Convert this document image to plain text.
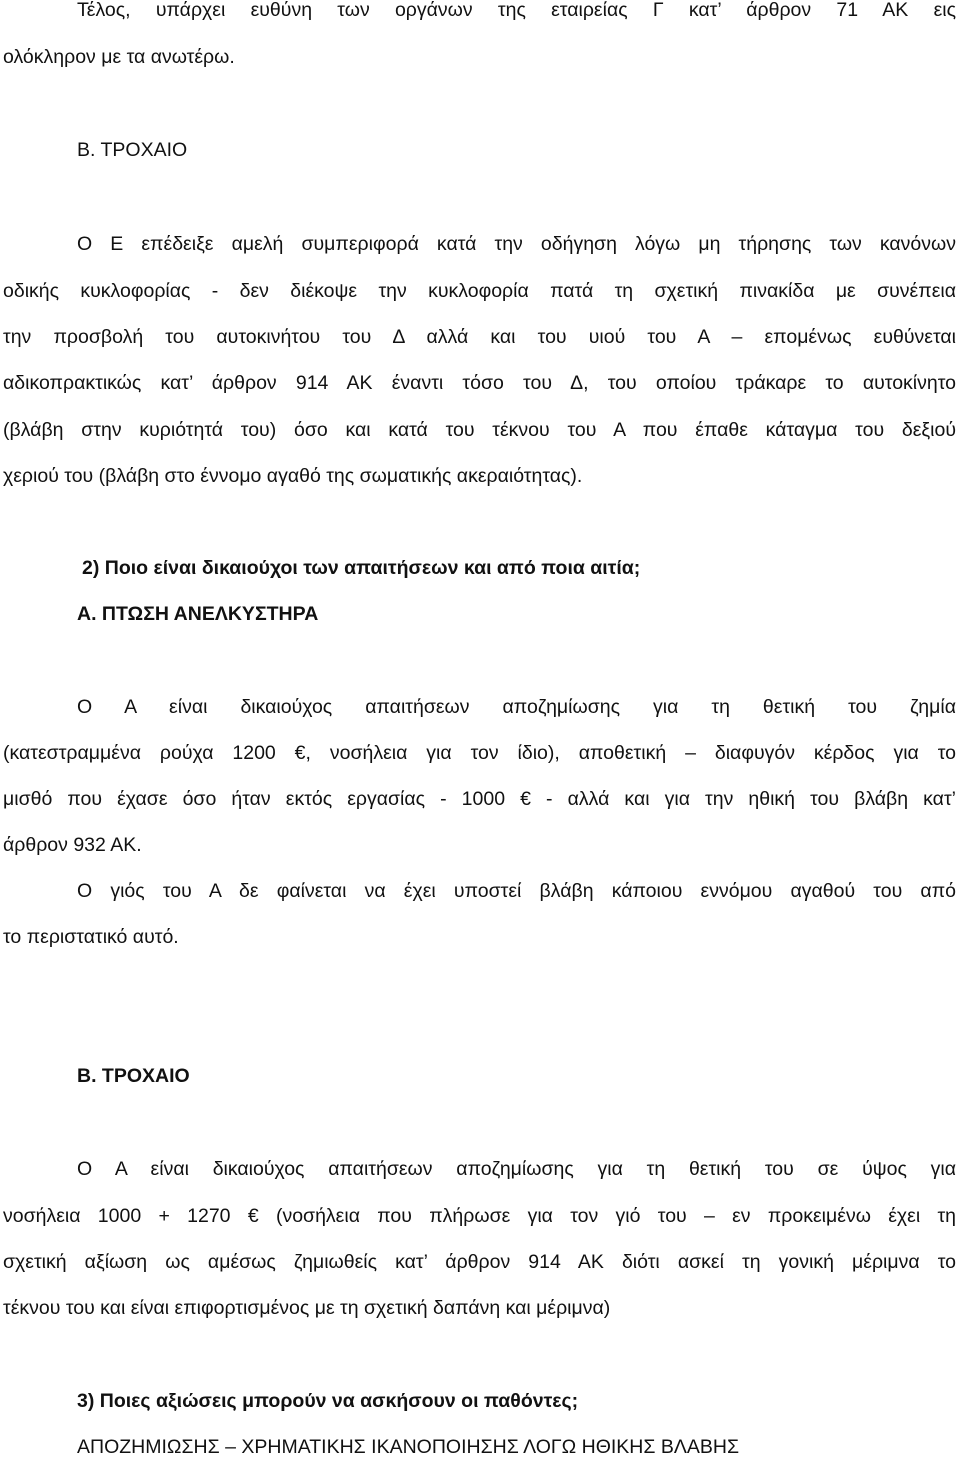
Τέλος, υπάρχει ευθύνη των οργάνων της εταιρείας Γ κατ’ άρθρον 71 ΑΚ εις
ολόκληρον με τα ανωτέρω.
Β. ΤΡΟΧΑΙΟ
Ο Ε επέδειξε αμελή συμπεριφορά κατά την οδήγηση λόγω μη τήρησης των κανόνων
οδικής κυκλοφορίας - δεν διέκοψε την κυκλοφορία πατά τη σχετική πινακίδα με συνέπεια
την προσβολή του αυτοκινήτου του Δ αλλά και του υιού του Α – επομένως ευθύνεται
αδικοπρακτικώς κατ’ άρθρον 914 ΑΚ έναντι τόσο του Δ, του οποίου τράκαρε το αυτοκίνητο
(βλάβη στην κυριότητά του) όσο και κατά του τέκνου του Α που έπαθε κάταγμα του δεξιού
χεριού του (βλάβη στο έννομο αγαθό της σωματικής ακεραιότητας).
2) Ποιο είναι δικαιούχοι των απαιτήσεων και από ποια αιτία;
Α. ΠΤΩΣΗ ΑΝΕΛΚΥΣΤΗΡΑ
Ο Α είναι δικαιούχος απαιτήσεων αποζημίωσης για τη θετική του ζημία
(κατεστραμμένα ρούχα 1200 €, νοσήλεια για τον ίδιο), αποθετική – διαφυγόν κέρδος για το
μισθό που έχασε όσο ήταν εκτός εργασίας - 1000 € - αλλά και για την ηθική του βλάβη κατ’
άρθρον 932 ΑΚ.
Ο γιός του Α δε φαίνεται να έχει υποστεί βλάβη κάποιου εννόμου αγαθού του από
το περιστατικό αυτό.
Β. ΤΡΟΧΑΙΟ
Ο Α είναι δικαιούχος απαιτήσεων αποζημίωσης για τη θετική του σε ύψος για
νοσήλεια 1000 + 1270 € (νοσήλεια που πλήρωσε για τον γιό του – εν προκειμένω έχει τη
σχετική αξίωση ως αμέσως ζημιωθείς κατ’ άρθρον 914 ΑΚ διότι ασκεί τη γονική μέριμνα το
τέκνου του και είναι επιφορτισμένος με τη σχετική δαπάνη και μέριμνα)
3) Ποιες αξιώσεις μπορούν να ασκήσουν οι παθόντες;
ΑΠΟΖΗΜΙΩΣΗΣ – ΧΡΗΜΑΤΙΚΗΣ ΙΚΑΝΟΠΟΙΗΣΗΣ ΛΟΓΩ ΗΘΙΚΗΣ ΒΛΑΒΗΣ
